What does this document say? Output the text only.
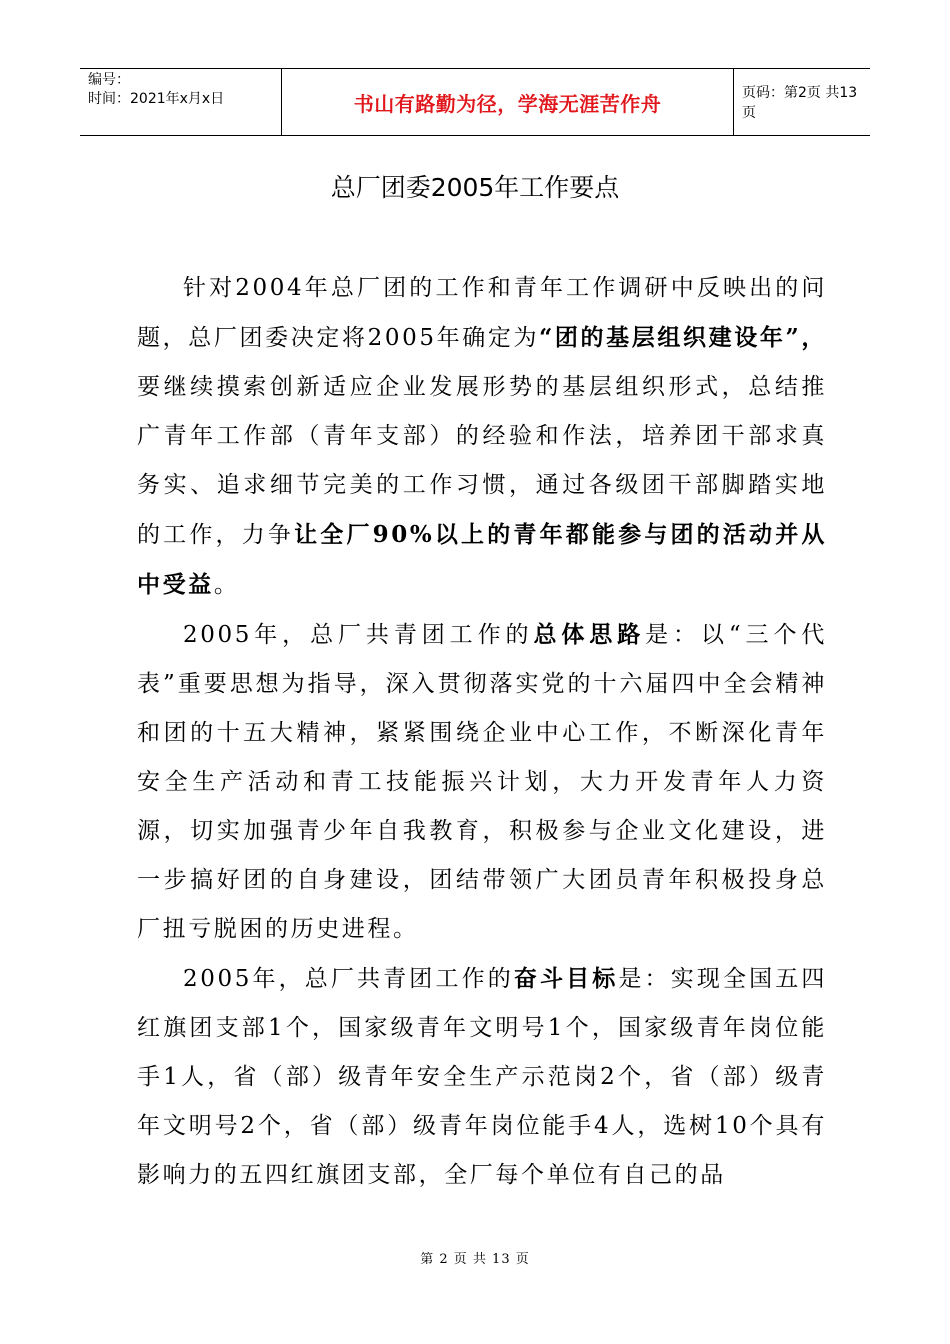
编号：
时间：2021年x月x日	书山有路勤为径，学海无涯苦作舟	页码：第2页 共13页
总厂团委2005年工作要点

针对2004年总厂团的工作和青年工作调研中反映出的问题，总厂团委决定将2005年确定为“团的基层组织建设年”，要继续摸索创新适应企业发展形势的基层组织形式，总结推广青年工作部（青年支部）的经验和作法，培养团干部求真务实、追求细节完美的工作习惯，通过各级团干部脚踏实地的工作，力争让全厂90%以上的青年都能参与团的活动并从中受益。

2005年，总厂共青团工作的总体思路是：以“三个代表”重要思想为指导，深入贯彻落实党的十六届四中全会精神和团的十五大精神，紧紧围绕企业中心工作，不断深化青年安全生产活动和青工技能振兴计划，大力开发青年人力资源，切实加强青少年自我教育，积极参与企业文化建设，进一步搞好团的自身建设，团结带领广大团员青年积极投身总厂扭亏脱困的历史进程。

2005年，总厂共青团工作的奋斗目标是：实现全国五四红旗团支部1个，国家级青年文明号1个，国家级青年岗位能手1人，省（部）级青年安全生产示范岗2个，省（部）级青年文明号2个，省（部）级青年岗位能手4人，选树10个具有影响力的五四红旗团支部，全厂每个单位有自己的品

第 2 页 共 13 页
